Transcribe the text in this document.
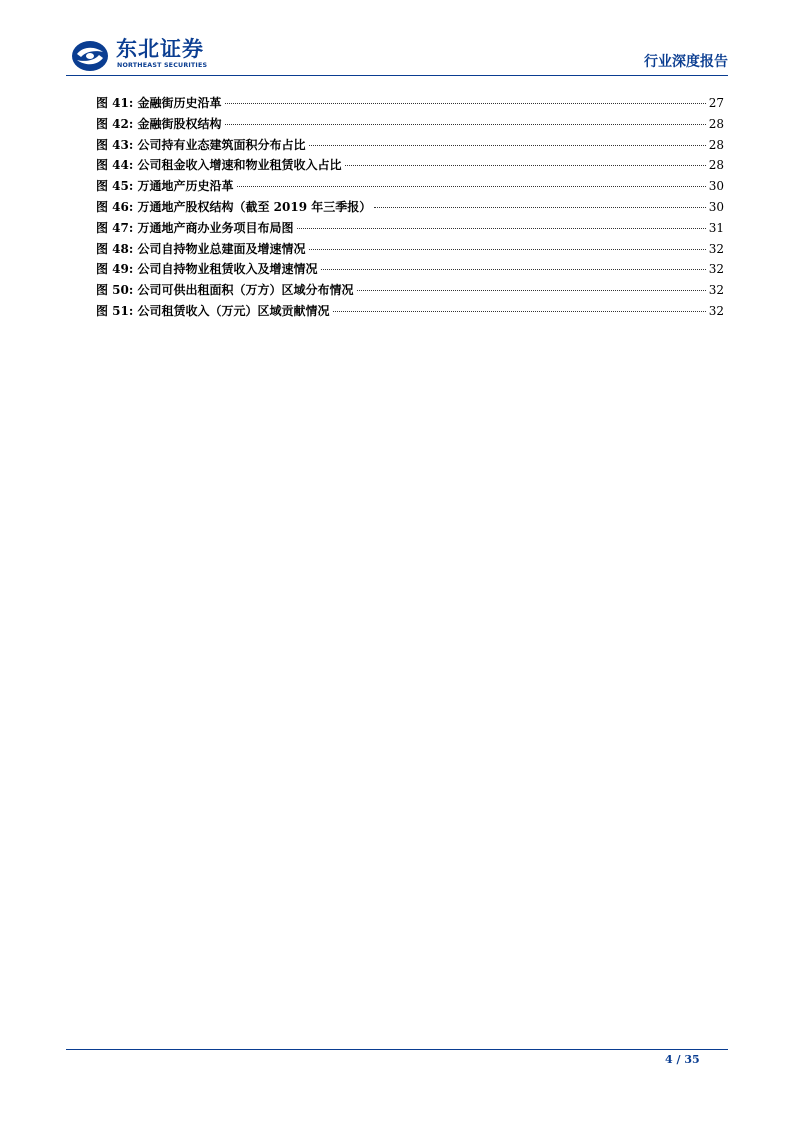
东北证券
NORTHEAST SECURITIES	行业深度报告
图 41: 金融街历史沿革	27
图 42: 金融街股权结构	28
图 43: 公司持有业态建筑面积分布占比	28
图 44: 公司租金收入增速和物业租赁收入占比	28
图 45: 万通地产历史沿革	30
图 46: 万通地产股权结构（截至 2019 年三季报）	30
图 47: 万通地产商办业务项目布局图	31
图 48: 公司自持物业总建面及增速情况	32
图 49: 公司自持物业租赁收入及增速情况	32
图 50: 公司可供出租面积（万方）区域分布情况	32
图 51: 公司租赁收入（万元）区域贡献情况	32
4 / 35
